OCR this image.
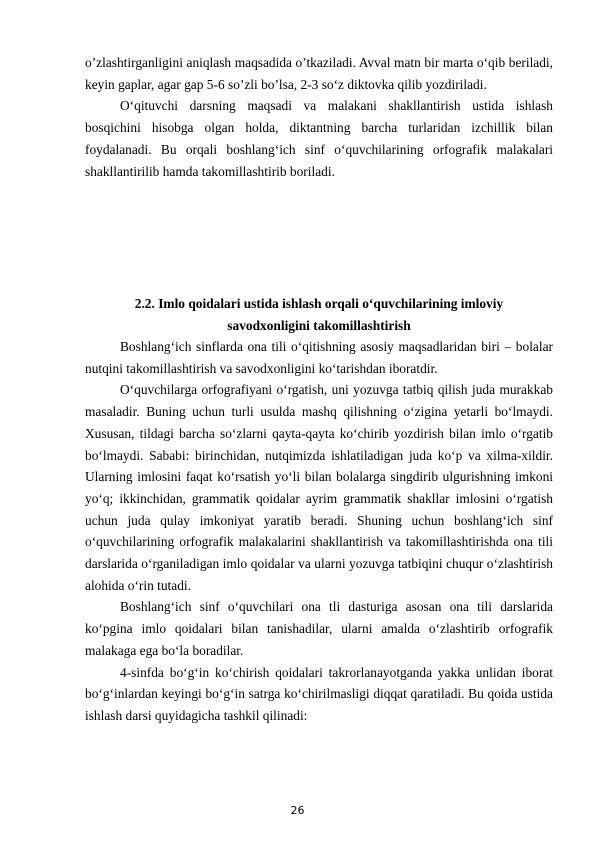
o’zlashtirganligini aniqlash maqsadida o’tkaziladi. Avval matn bir marta o‘qib beriladi, keyin gaplar, agar gap 5-6 so’zli bo’lsa, 2-3 so‘z diktovka qilib yozdiriladi.

O‘qituvchi darsning maqsadi va malakani shakllantirish ustida ishlash bosqichini hisobga olgan holda, diktantning barcha turlaridan izchillik bilan foydalanadi. Bu orqali boshlang‘ich sinf o‘quvchilarining orfografik malakalari shakllantirilib hamda takomillashtirib boriladi.

2.2. Imlo qoidalari ustida ishlash orqali o‘quvchilarining imloviy
savodxonligini takomillashtirish

Boshlang‘ich sinflarda ona tili o‘qitishning asosiy maqsadlaridan biri – bolalar nutqini takomillashtirish va savodxonligini ko‘tarishdan iboratdir.

O‘quvchilarga orfografiyani o‘rgatish, uni yozuvga tatbiq qilish juda murakkab masaladir. Buning uchun turli usulda mashq qilishning o‘zigina yetarli bo‘lmaydi. Xususan, tildagi barcha so‘zlarni qayta-qayta ko‘chirib yozdirish bilan imlo o‘rgatib bo‘lmaydi. Sababi: birinchidan, nutqimizda ishlatiladigan juda ko‘p va xilma-xildir. Ularning imlosini faqat ko‘rsatish yo‘li bilan bolalarga singdirib ulgurishning imkoni yo‘q; ikkinchidan, grammatik qoidalar ayrim grammatik shakllar imlosini o‘rgatish uchun juda qulay imkoniyat yaratib beradi. Shuning uchun boshlang‘ich sinf o‘quvchilarining orfografik malakalarini shakllantirish va takomillashtirishda ona tili darslarida o‘rganiladigan imlo qoidalar va ularni yozuvga tatbiqini chuqur o‘zlashtirish alohida o‘rin tutadi.

Boshlang‘ich sinf o‘quvchilari ona tli dasturiga asosan ona tili darslarida ko‘pgina imlo qoidalari bilan tanishadilar, ularni amalda o‘zlashtirib orfografik malakaga ega bo‘la boradilar.

4-sinfda bo‘g‘in ko‘chirish qoidalari takrorlanayotganda yakka unlidan iborat bo‘g‘inlardan keyingi bo‘g‘in satrga ko‘chirilmasligi diqqat qaratiladi. Bu qoida ustida ishlash darsi quyidagicha tashkil qilinadi:

26
